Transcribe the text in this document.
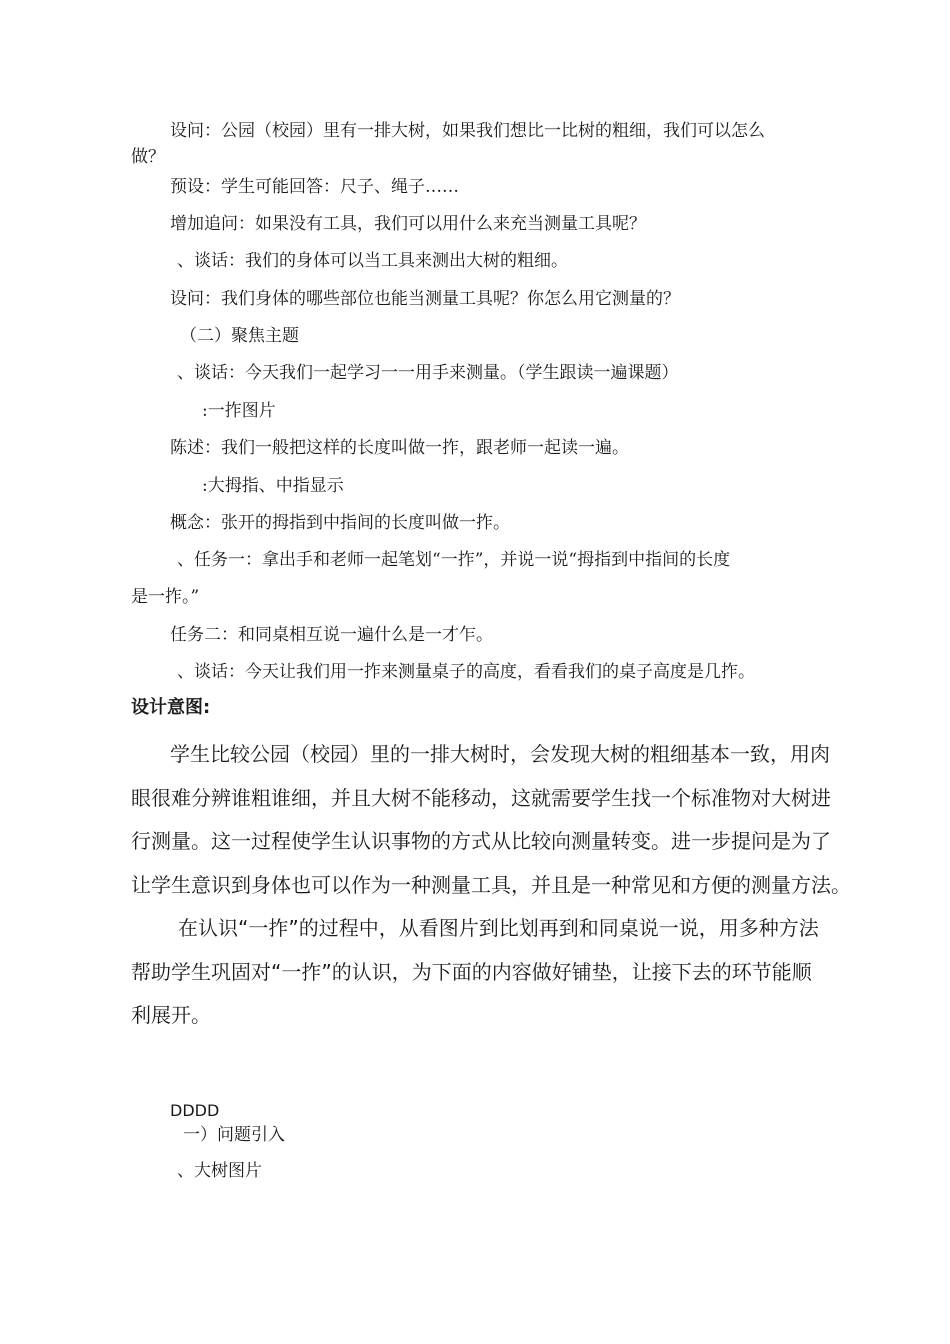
设问：公园（校园）里有一排大树，如果我们想比一比树的粗细，我们可以怎么
做？
预设：学生可能回答：尺子、绳子……
增加追问：如果没有工具，我们可以用什么来充当测量工具呢？
、谈话：我们的身体可以当工具来测出大树的粗细。
设问：我们身体的哪些部位也能当测量工具呢？你怎么用它测量的？
（二）聚焦主题
、谈话：今天我们一起学习一一用手来测量。（学生跟读一遍课题）
:一拃图片
陈述：我们一般把这样的长度叫做一拃，跟老师一起读一遍。
:大拇指、中指显示
概念：张开的拇指到中指间的长度叫做一拃。
、任务一：拿出手和老师一起笔划“一拃”，并说一说“拇指到中指间的长度
是一拃。”
任务二：和同桌相互说一遍什么是一才乍。
、谈话：今天让我们用一拃来测量桌子的高度，看看我们的桌子高度是几拃。
设计意图:
学生比较公园（校园）里的一排大树时，会发现大树的粗细基本一致，用肉
眼很难分辨谁粗谁细，并且大树不能移动，这就需要学生找一个标准物对大树进
行测量。这一过程使学生认识事物的方式从比较向测量转变。进一步提问是为了
让学生意识到身体也可以作为一种测量工具，并且是一种常见和方便的测量方法。
在认识“一拃”的过程中，从看图片到比划再到和同桌说一说，用多种方法
帮助学生巩固对“一拃”的认识，为下面的内容做好铺垫，让接下去的环节能顺
利展开。
DDDD
一）问题引入
、大树图片
